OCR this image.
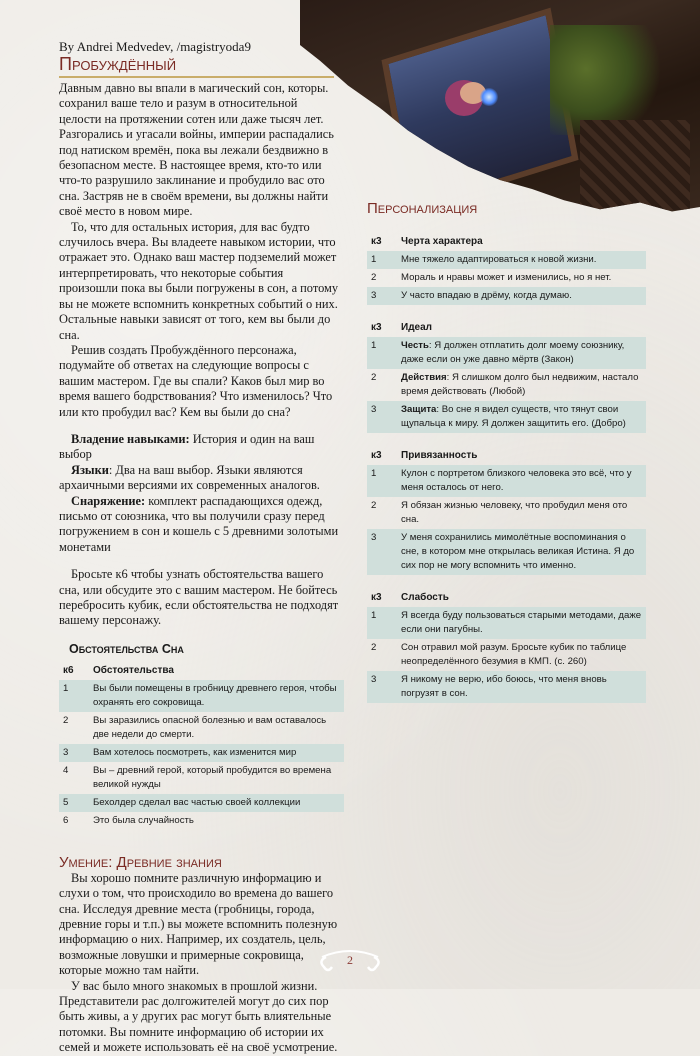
By Andrei Medvedev, /magistryoda9
Пробуждённый

Давным давно вы впали в магический сон, которы. сохранил ваше тело и разум в относительной целости на протяжении сотен или даже тысяч лет. Разгорались и угасали войны, империи распадались под натиском времён, пока вы лежали бездвижно в безопасном месте. В настоящее время, кто-то или что-то разрушило заклинание и пробудило вас ото сна. Застряв не в своём времени, вы должны найти своё место в новом мире.

То, что для остальных история, для вас будто случилось вчера. Вы владеете навыком истории, что отражает это. Однако ваш мастер подземелий может интерпретировать, что некоторые события произошли пока вы были погружены в сон, а потому вы не можете вспомнить конкретных событий о них. Остальные навыки зависят от того, кем вы были до сна.

Решив создать Пробуждённого персонажа, подумайте об ответах на следующие вопросы с вашим мастером. Где вы спали? Каков был мир во время вашего бодрствования? Что изменилось? Что или кто пробудил вас? Кем вы были до сна?

Владение навыками: История и один на ваш выбор

Языки: Два на ваш выбор. Языки являются архаичными версиями их современных аналогов.

Снаряжение: комплект распадающихся одежд, письмо от союзника, что вы получили сразу перед погружением в сон и кошель с 5 древними золотыми монетами

Бросьте к6 чтобы узнать обстоятельства вашего сна, или обсудите это с вашим мастером. Не бойтесь перебросить кубик, если обстоятельства не подходят вашему персонажу.

Обстоятельства Сна
к6	Обстоятельства
1	Вы были помещены в гробницу древнего героя, чтобы охранять его сокровища.
2	Вы заразились опасной болезнью и вам оставалось две недели до смерти.
3	Вам хотелось посмотреть, как изменится мир
4	Вы – древний герой, который пробудится во времена великой нужды
5	Бехолдер сделал вас частью своей коллекции
6	Это была случайность
Умение: Древние знания

Вы хорошо помните различную информацию и слухи о том, что происходило во времена до вашего сна. Исследуя древние места (гробницы, города, древние горы и т.п.) вы можете вспомнить полезную информацию о них. Например, их создатель, цель, возможные ловушки и примерные сокровища, которые можно там найти.

У вас было много знакомых в прошлой жизни. Представители рас долгожителей могут до сих пор быть живы, а у других рас могут быть влиятельные потомки. Вы помните информацию об истории их семей и можете использовать её на своё усмотрение.

Персонализация
к3	Черта характера
1	Мне тяжело адаптироваться к новой жизни.
2	Мораль и нравы может и изменились, но я нет.
3	У часто впадаю в дрёму, когда думаю.
к3	Идеал
1	Честь: Я должен отплатить долг моему союзнику, даже если он уже давно мёртв (Закон)
2	Действия: Я слишком долго был недвижим, настало время действовать (Любой)
3	Защита: Во сне я видел существ, что тянут свои щупальца к миру. Я должен защитить его. (Добро)
к3	Привязанность
1	Кулон с портретом близкого человека это всё, что у меня осталось от него.
2	Я обязан жизнью человеку, что пробудил меня ото сна.
3	У меня сохранились мимолётные воспоминания о сне, в котором мне открылась великая Истина. Я до сих пор не могу вспомнить что именно.
к3	Слабость
1	Я всегда буду пользоваться старыми методами, даже если они пагубны.
2	Сон отравил мой разум. Бросьте кубик по таблице неопределённого безумия в КМП. (с. 260)
3	Я никому не верю, ибо боюсь, что меня вновь погрузят в сон.
2
